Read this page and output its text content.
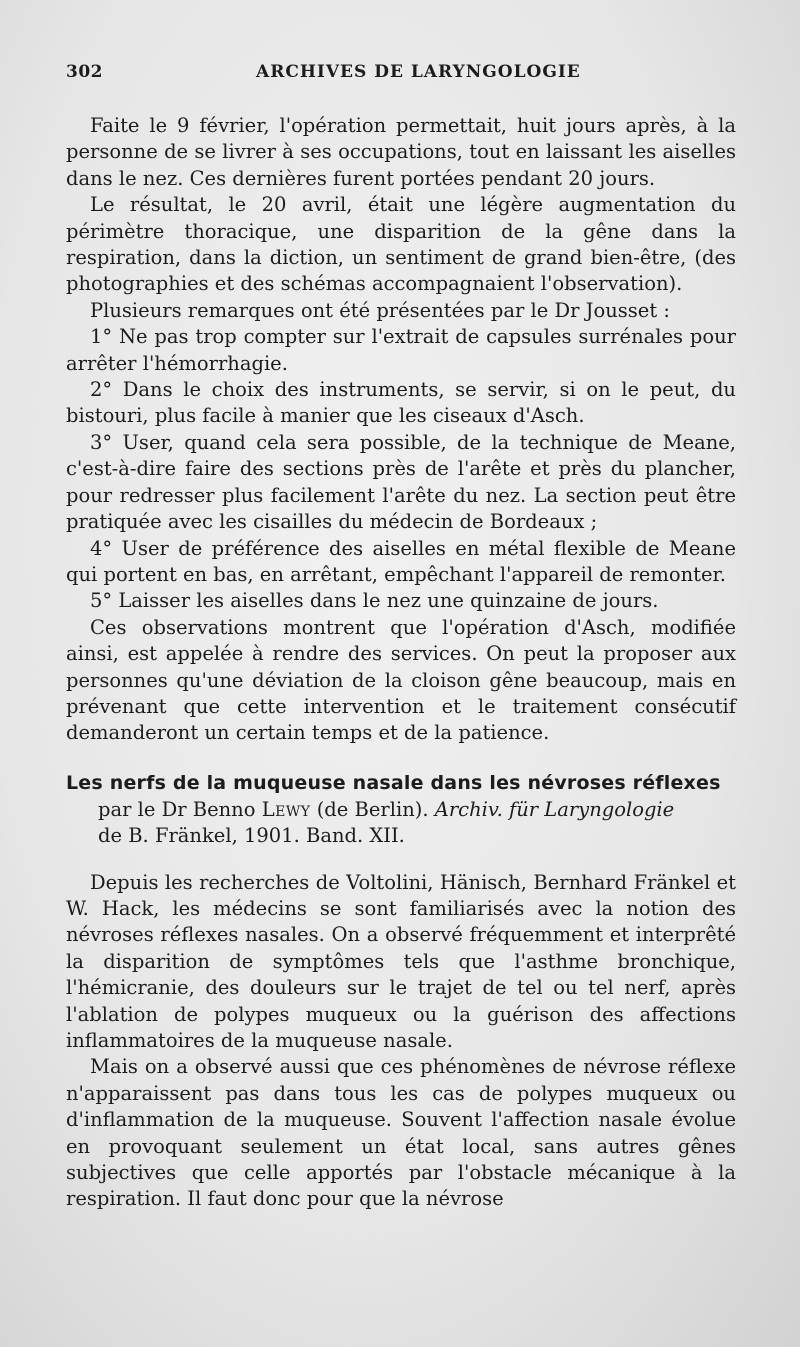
302	ARCHIVES DE LARYNGOLOGIE

Faite le 9 février, l'opération permettait, huit jours après, à la personne de se livrer à ses occupations, tout en laissant les aiselles dans le nez. Ces dernières furent portées pendant 20 jours.

Le résultat, le 20 avril, était une légère augmentation du périmètre thoracique, une disparition de la gêne dans la respiration, dans la diction, un sentiment de grand bien-être, (des photographies et des schémas accompagnaient l'observation).

Plusieurs remarques ont été présentées par le Dr Jousset :

1° Ne pas trop compter sur l'extrait de capsules surrénales pour arrêter l'hémorrhagie.

2° Dans le choix des instruments, se servir, si on le peut, du bistouri, plus facile à manier que les ciseaux d'Asch.

3° User, quand cela sera possible, de la technique de Meane, c'est-à-dire faire des sections près de l'arête et près du plancher, pour redresser plus facilement l'arête du nez. La section peut être pratiquée avec les cisailles du médecin de Bordeaux ;

4° User de préférence des aiselles en métal flexible de Meane qui portent en bas, en arrêtant, empêchant l'appareil de remonter.

5° Laisser les aiselles dans le nez une quinzaine de jours.

Ces observations montrent que l'opération d'Asch, modifiée ainsi, est appelée à rendre des services. On peut la proposer aux personnes qu'une déviation de la cloison gêne beaucoup, mais en prévenant que cette intervention et le traitement consécutif demanderont un certain temps et de la patience.

Les nerfs de la muqueuse nasale dans les névroses réflexes

par le Dr Benno Lewy (de Berlin). Archiv. für Laryngologie
de B. Fränkel, 1901. Band. XII.

Depuis les recherches de Voltolini, Hänisch, Bernhard Fränkel et W. Hack, les médecins se sont familiarisés avec la notion des névroses réflexes nasales. On a observé fréquemment et interprêté la disparition de symptômes tels que l'asthme bronchique, l'hémicranie, des douleurs sur le trajet de tel ou tel nerf, après l'ablation de polypes muqueux ou la guérison des affections inflammatoires de la muqueuse nasale.

Mais on a observé aussi que ces phénomènes de névrose réflexe n'apparaissent pas dans tous les cas de polypes muqueux ou d'inflammation de la muqueuse. Souvent l'affection nasale évolue en provoquant seulement un état local, sans autres gênes subjectives que celle apportés par l'obstacle mécanique à la respiration. Il faut donc pour que la névrose
